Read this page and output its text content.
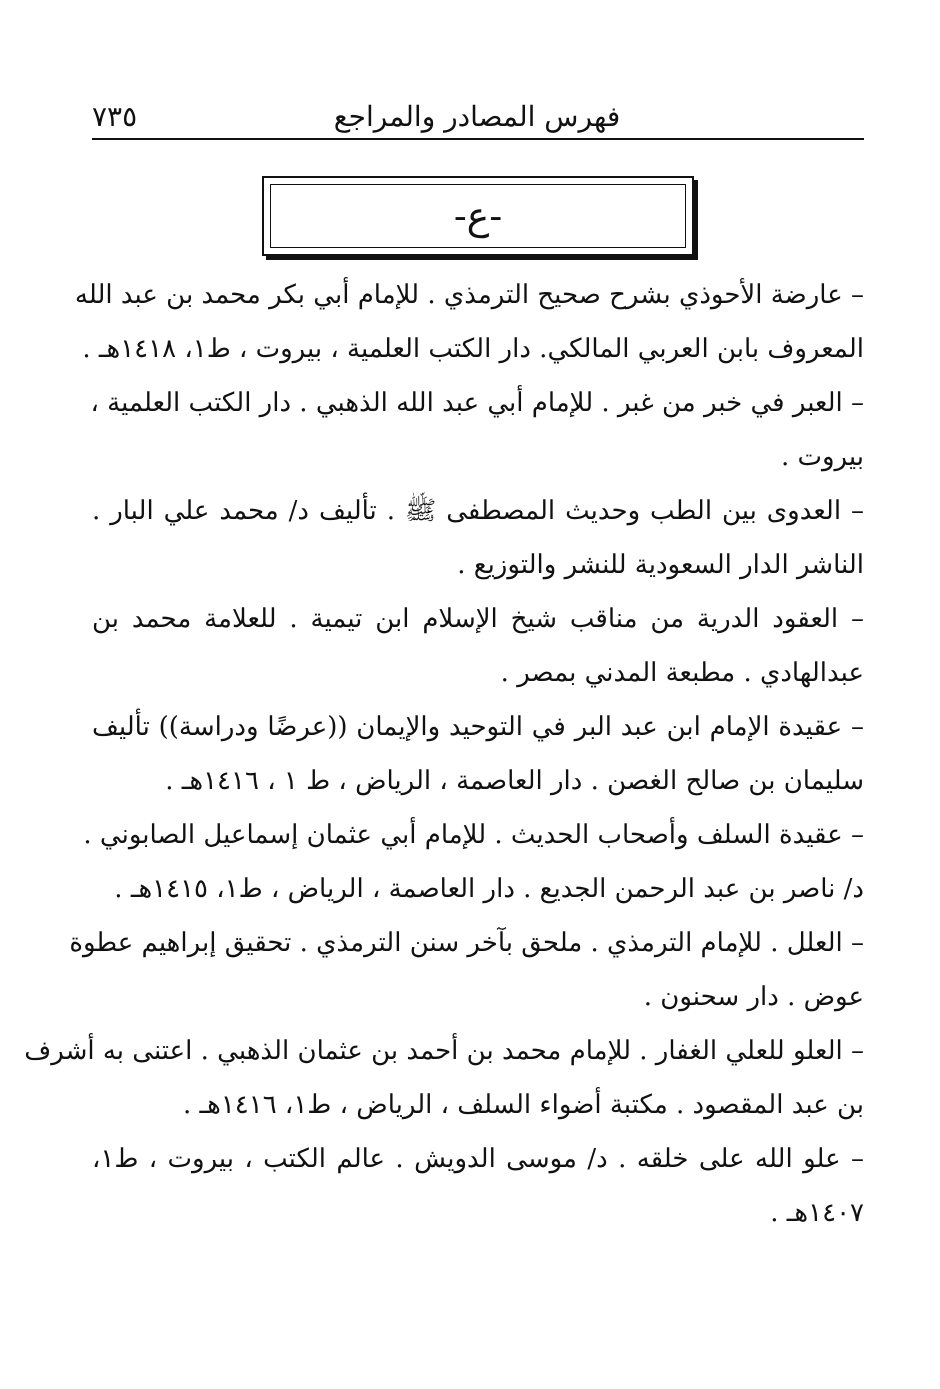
٧٣٥	فهرس المصادر والمراجع
-ع-
– عارضة الأحوذي بشرح صحيح الترمذي . للإمام أبي بكر محمد بن عبد الله
المعروف بابن العربي المالكي. دار الكتب العلمية ، بيروت ، ط١، ١٤١٨هـ .
– العبر في خبر من غبر . للإمام أبي عبد الله الذهبي . دار الكتب العلمية ،
بيروت .
– العدوى بين الطب وحديث المصطفى ﷺ . تأليف د/ محمد علي البار .
الناشر الدار السعودية للنشر والتوزيع .
– العقود الدرية من مناقب شيخ الإسلام ابن تيمية . للعلامة محمد بن
عبدالهادي . مطبعة المدني بمصر .
– عقيدة الإمام ابن عبد البر في التوحيد والإيمان ((عرضًا ودراسة)) تأليف
سليمان بن صالح الغصن . دار العاصمة ، الرياض ، ط ١ ، ١٤١٦هـ .
– عقيدة السلف وأصحاب الحديث . للإمام أبي عثمان إسماعيل الصابوني .
د/ ناصر بن عبد الرحمن الجديع . دار العاصمة ، الرياض ، ط١، ١٤١٥هـ .
– العلل . للإمام الترمذي . ملحق بآخر سنن الترمذي . تحقيق إبراهيم عطوة
عوض . دار سحنون .
– العلو للعلي الغفار . للإمام محمد بن أحمد بن عثمان الذهبي . اعتنى به أشرف
بن عبد المقصود . مكتبة أضواء السلف ، الرياض ، ط١، ١٤١٦هـ .
– علو الله على خلقه . د/ موسى الدويش . عالم الكتب ، بيروت ، ط١،
١٤٠٧هـ .
